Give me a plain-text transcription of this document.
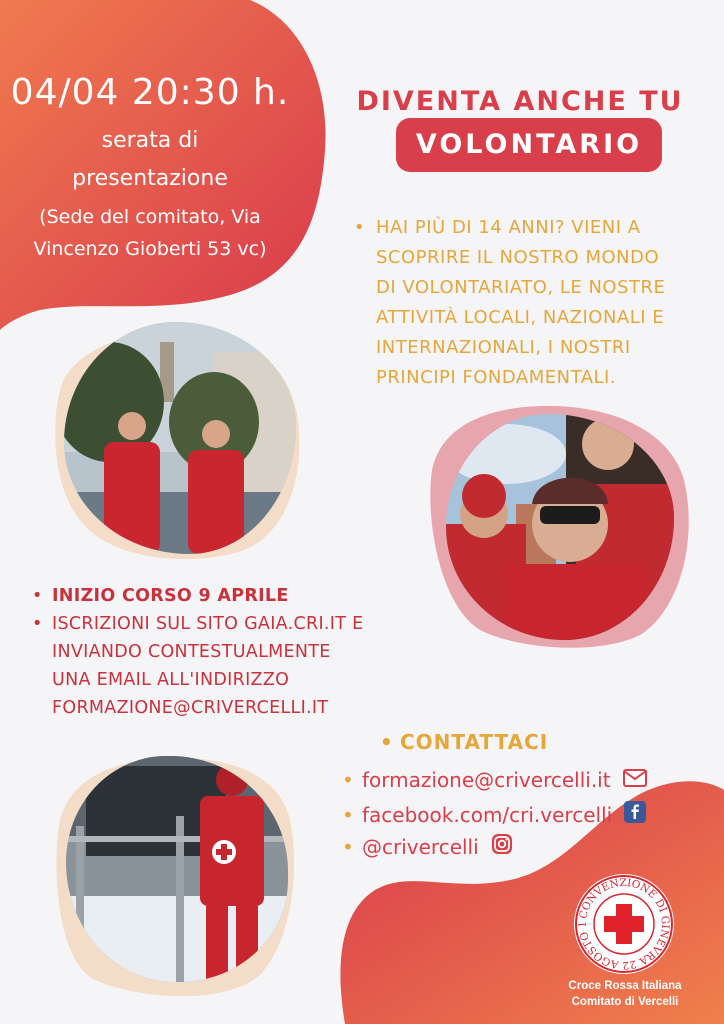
04/04 20:30 h.
serata di
presentazione
(Sede del comitato, Via
Vincenzo Gioberti 53 vc)
DIVENTA ANCHE TU
VOLONTARIO
• HAI PIÙ DI 14 ANNI? VIENI A
SCOPRIRE IL NOSTRO MONDO
DI VOLONTARIATO, LE NOSTRE
ATTIVITÀ LOCALI, NAZIONALI E
INTERNAZIONALI, I NOSTRI
PRINCIPI FONDAMENTALI.
• INIZIO CORSO 9 APRILE
• ISCRIZIONI SUL SITO GAIA.CRI.IT E
INVIANDO CONTESTUALMENTE
UNA EMAIL ALL'INDIRIZZO
FORMAZIONE@CRIVERCELLI.IT
• CONTATTACI
• formazione@crivercelli.it
• facebook.com/cri.vercelli
• @crivercelli
CONVENZIONE DI GINEVRA 22 AGOSTO 1
Croce Rossa Italiana
Comitato di Vercelli
